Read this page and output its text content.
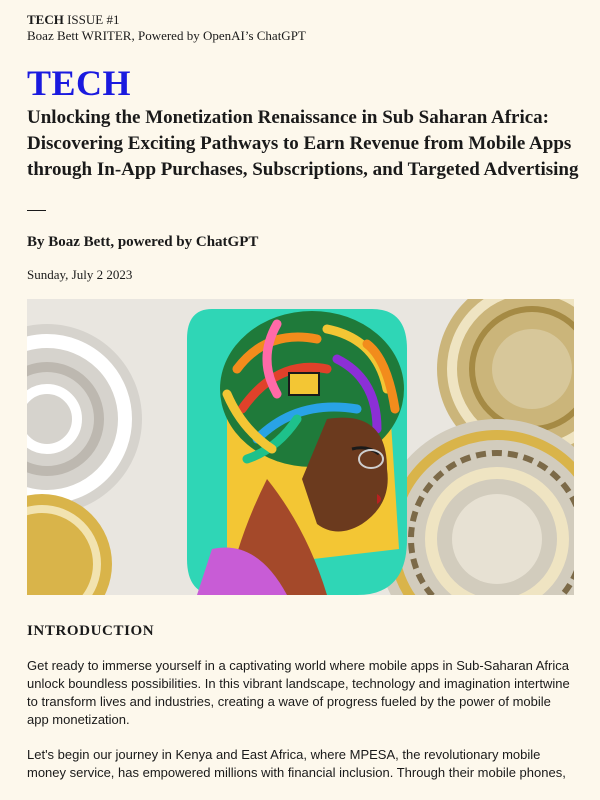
TECH ISSUE #1
Boaz Bett WRITER, Powered by OpenAI’s ChatGPT
TECH
Unlocking the Monetization Renaissance in Sub Saharan Africa: Discovering Exciting Pathways to Earn Revenue from Mobile Apps through In-App Purchases, Subscriptions, and Targeted Advertising
By Boaz Bett, powered by ChatGPT
Sunday, July 2 2023
INTRODUCTION

Get ready to immerse yourself in a captivating world where mobile apps in Sub-Saharan Africa unlock boundless possibilities. In this vibrant landscape, technology and imagination intertwine to transform lives and industries, creating a wave of progress fueled by the power of mobile app monetization.

Let's begin our journey in Kenya and East Africa, where MPESA, the revolutionary mobile money service, has empowered millions with financial inclusion. Through their mobile phones,
